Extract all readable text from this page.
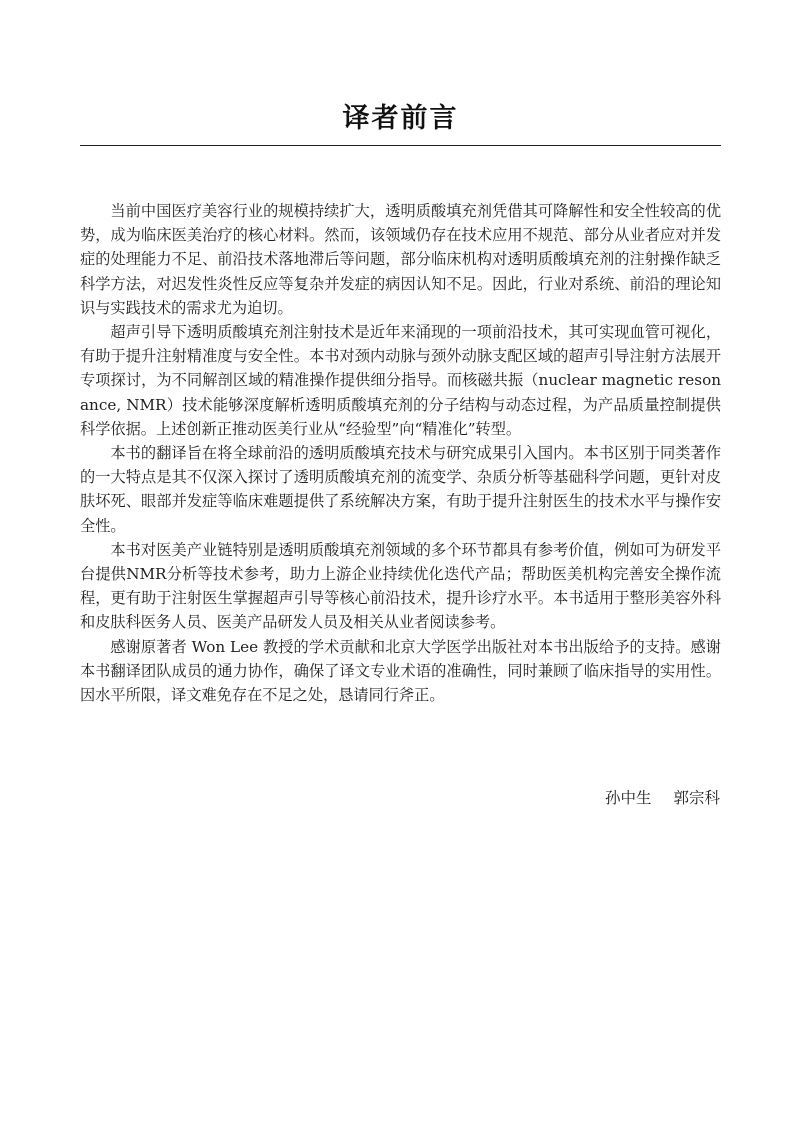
译者前言

当前中国医疗美容行业的规模持续扩大，透明质酸填充剂凭借其可降解性和安全性较高的优势，成为临床医美治疗的核心材料。然而，该领域仍存在技术应用不规范、部分从业者应对并发症的处理能力不足、前沿技术落地滞后等问题，部分临床机构对透明质酸填充剂的注射操作缺乏科学方法，对迟发性炎性反应等复杂并发症的病因认知不足。因此，行业对系统、前沿的理论知识与实践技术的需求尤为迫切。

超声引导下透明质酸填充剂注射技术是近年来涌现的一项前沿技术，其可实现血管可视化，有助于提升注射精准度与安全性。本书对颈内动脉与颈外动脉支配区域的超声引导注射方法展开专项探讨，为不同解剖区域的精准操作提供细分指导。而核磁共振（nuclear magnetic resonance, NMR）技术能够深度解析透明质酸填充剂的分子结构与动态过程，为产品质量控制提供科学依据。上述创新正推动医美行业从“经验型”向“精准化”转型。

本书的翻译旨在将全球前沿的透明质酸填充技术与研究成果引入国内。本书区别于同类著作的一大特点是其不仅深入探讨了透明质酸填充剂的流变学、杂质分析等基础科学问题，更针对皮肤坏死、眼部并发症等临床难题提供了系统解决方案，有助于提升注射医生的技术水平与操作安全性。

本书对医美产业链特别是透明质酸填充剂领域的多个环节都具有参考价值，例如可为研发平台提供NMR分析等技术参考，助力上游企业持续优化迭代产品；帮助医美机构完善安全操作流程，更有助于注射医生掌握超声引导等核心前沿技术，提升诊疗水平。本书适用于整形美容外科和皮肤科医务人员、医美产品研发人员及相关从业者阅读参考。

感谢原著者 Won Lee 教授的学术贡献和北京大学医学出版社对本书出版给予的支持。感谢本书翻译团队成员的通力协作，确保了译文专业术语的准确性，同时兼顾了临床指导的实用性。因水平所限，译文难免存在不足之处，恳请同行斧正。

孙中生 郭宗科
